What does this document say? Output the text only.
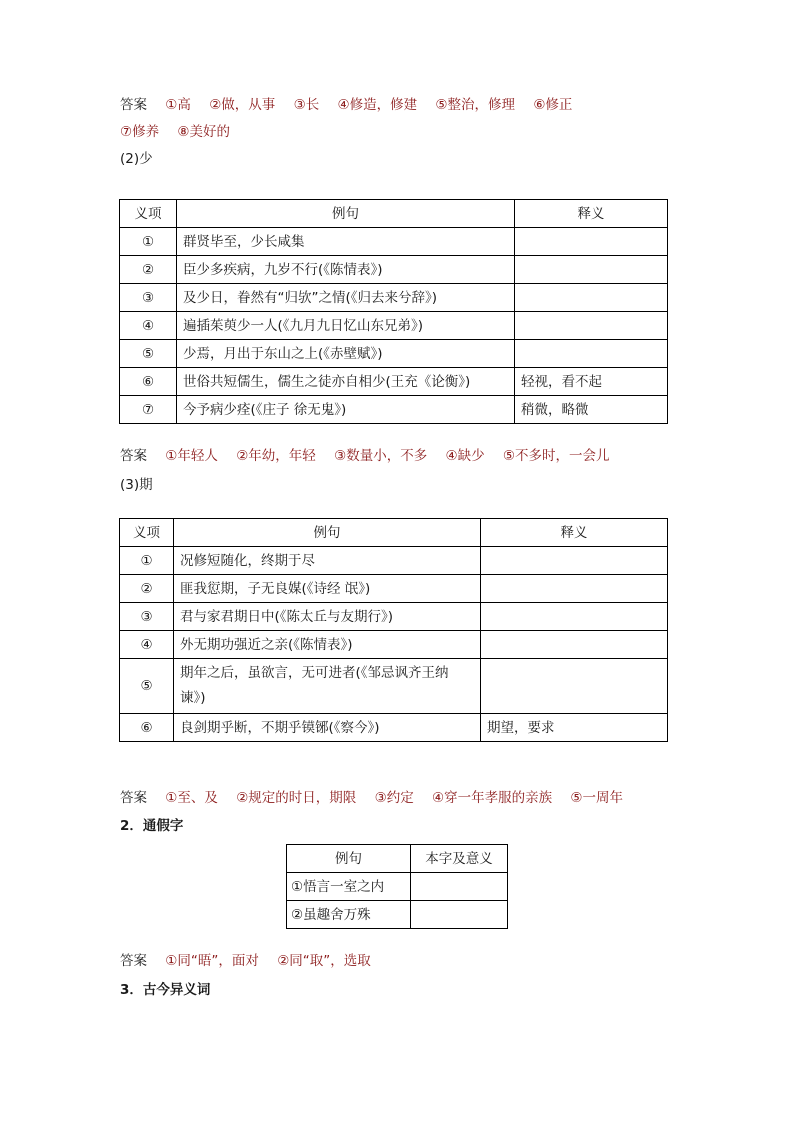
答案 ①高 ②做，从事 ③长 ④修造，修建 ⑤整治，修理 ⑥修正
⑦修养 ⑧美好的
(2)少
义项	例句	释义
①	群贤毕至，少长咸集	
②	臣少多疾病，九岁不行(《陈情表》)	
③	及少日，眷然有“归欤”之情(《归去来兮辞》)	
④	遍插茱萸少一人(《九月九日忆山东兄弟》)	
⑤	少焉，月出于东山之上(《赤壁赋》)	
⑥	世俗共短儒生，儒生之徒亦自相少(王充《论衡》)	轻视，看不起
⑦	今予病少痊(《庄子 徐无鬼》)	稍微，略微
答案 ①年轻人 ②年幼，年轻 ③数量小，不多 ④缺少 ⑤不多时，一会儿
(3)期
义项	例句	释义
①	况修短随化，终期于尽	
②	匪我愆期，子无良媒(《诗经 氓》)	
③	君与家君期日中(《陈太丘与友期行》)	
④	外无期功强近之亲(《陈情表》)	
⑤	期年之后，虽欲言，无可进者(《邹忌讽齐王纳谏》)	
⑥	良剑期乎断，不期乎镆铘(《察今》)	期望，要求
答案 ①至、及 ②规定的时日，期限 ③约定 ④穿一年孝服的亲族 ⑤一周年
2．通假字
例句	本字及意义
①悟言一室之内	
②虽趣舍万殊	
答案 ①同“晤”，面对 ②同“取”，选取
3．古今异义词
